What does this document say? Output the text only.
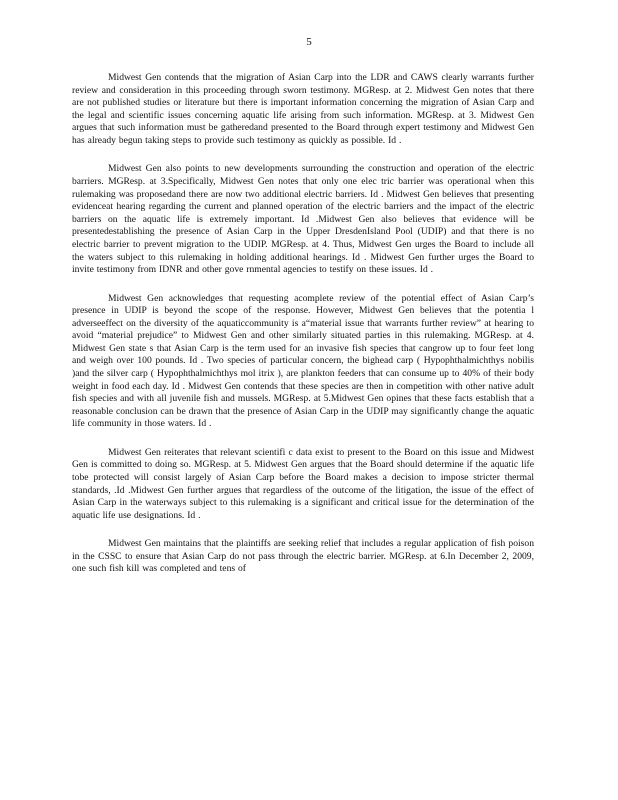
5

Midwest Gen contends that the migration of Asian Carp into the LDR and CAWS clearly warrants further review and consideration in this proceeding through sworn testimony. MGResp. at 2. Midwest Gen notes that there are not published studies or literature but there is important information concerning the migration of Asian Carp and the legal and scientific issues concerning aquatic life arising from such information. MGResp. at 3. Midwest Gen argues that such information must be gatheredand presented to the Board through expert testimony and Midwest Gen has already begun taking steps to provide such testimony as quickly as possible. Id .

Midwest Gen also points to new developments surrounding the construction and operation of the electric barriers. MGResp. at 3.Specifically, Midwest Gen notes that only one elec tric barrier was operational when this rulemaking was proposedand there are now two additional electric barriers. Id . Midwest Gen believes that presenting evidenceat hearing regarding the current and planned operation of the electric barriers and the impact of the electric barriers on the aquatic life is extremely important. Id .Midwest Gen also believes that evidence will be presentedestablishing the presence of Asian Carp in the Upper DresdenIsland Pool (UDIP) and that there is no electric barrier to prevent migration to the UDIP. MGResp. at 4. Thus, Midwest Gen urges the Board to include all the waters subject to this rulemaking in holding additional hearings. Id . Midwest Gen further urges the Board to invite testimony from IDNR and other gove rnmental agencies to testify on these issues. Id .

Midwest Gen acknowledges that requesting acomplete review of the potential effect of Asian Carp’s presence in UDIP is beyond the scope of the response. However, Midwest Gen believes that the potentia l adverseeffect on the diversity of the aquaticcommunity is a“material issue that warrants further review” at hearing to avoid “material prejudice” to Midwest Gen and other similarly situated parties in this rulemaking. MGResp. at 4. Midwest Gen state s that Asian Carp is the term used for an invasive fish species that cangrow up to four feet long and weigh over 100 pounds. Id . Two species of particular concern, the bighead carp ( Hypophthalmichthys nobilis )and the silver carp ( Hypophthalmichthys mol itrix ), are plankton feeders that can consume up to 40% of their body weight in food each day. Id . Midwest Gen contends that these species are then in competition with other native adult fish species and with all juvenile fish and mussels. MGResp. at 5.Midwest Gen opines that these facts establish that a reasonable conclusion can be drawn that the presence of Asian Carp in the UDIP may significantly change the aquatic life community in those waters. Id .

Midwest Gen reiterates that relevant scientifi c data exist to present to the Board on this issue and Midwest Gen is committed to doing so. MGResp. at 5. Midwest Gen argues that the Board should determine if the aquatic life tobe protected will consist largely of Asian Carp before the Board makes a decision to impose stricter thermal standards, .Id .Midwest Gen further argues that regardless of the outcome of the litigation, the issue of the effect of Asian Carp in the waterways subject to this rulemaking is a significant and critical issue for the determination of the aquatic life use designations. Id .

Midwest Gen maintains that the plaintiffs are seeking relief that includes a regular application of fish poison in the CSSC to ensure that Asian Carp do not pass through the electric barrier. MGResp. at 6.In December 2, 2009, one such fish kill was completed and tens of
